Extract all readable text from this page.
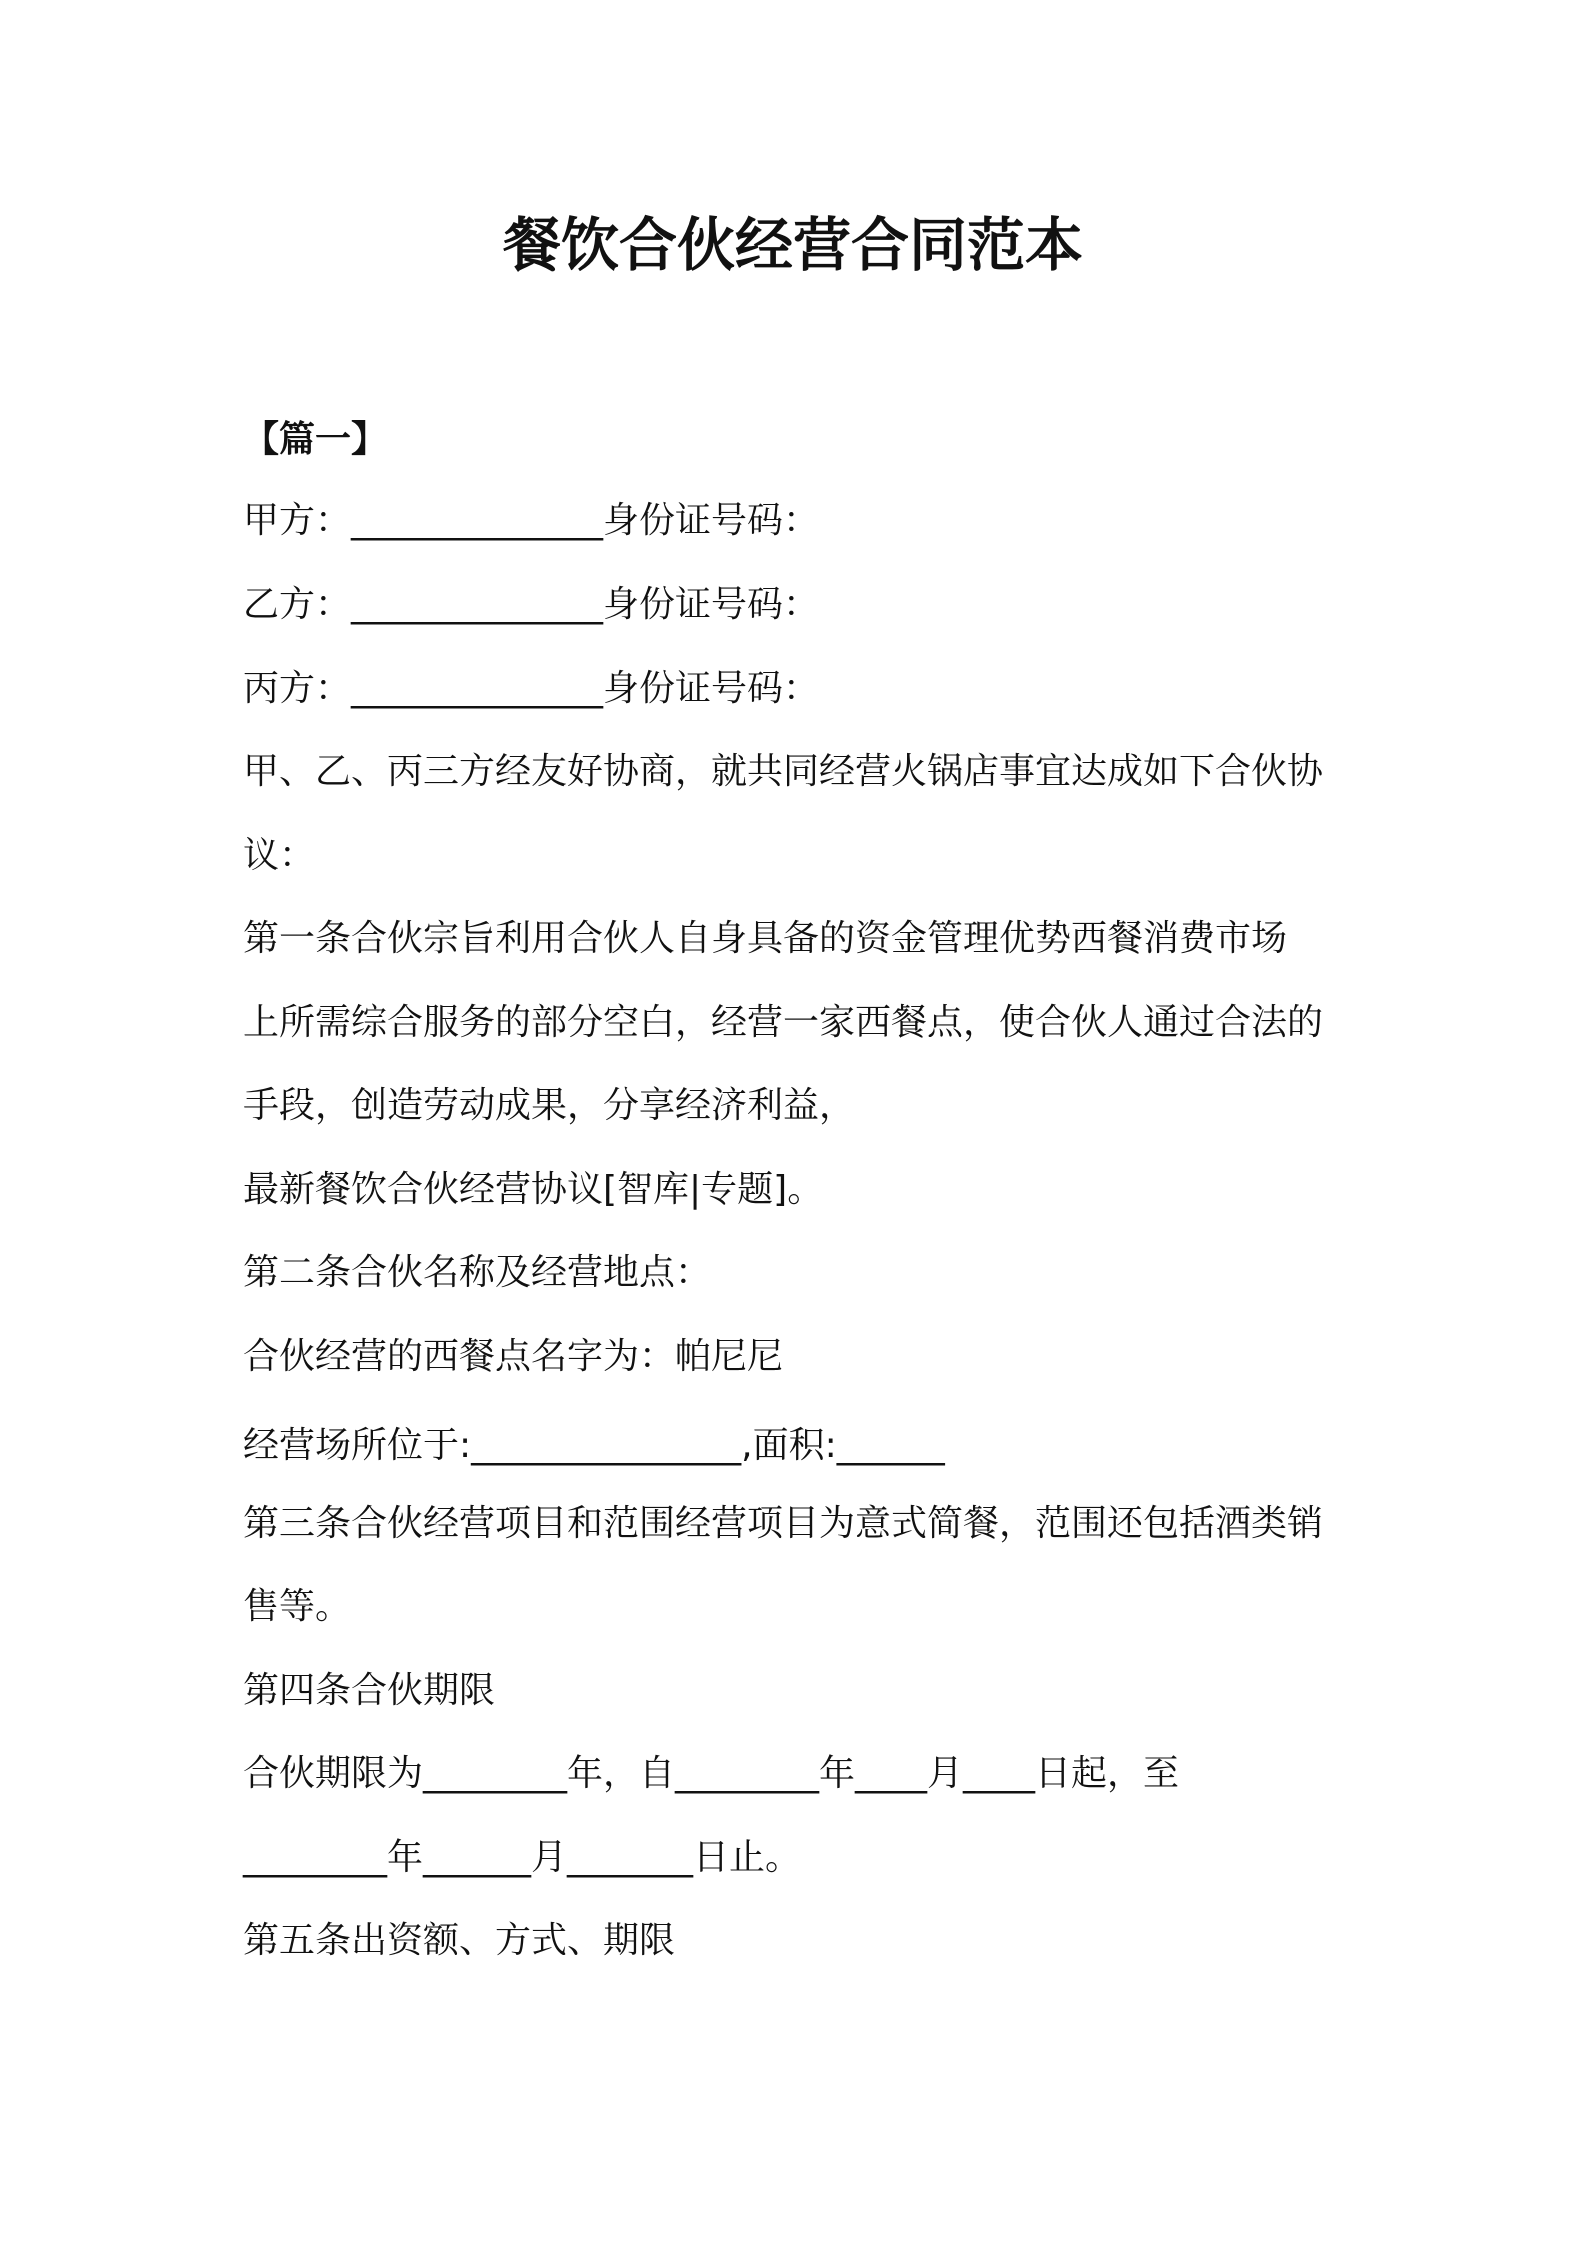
餐饮合伙经营合同范本
【篇一】
甲方：______________身份证号码：
乙方：______________身份证号码：
丙方：______________身份证号码：
甲、乙、丙三方经友好协商，就共同经营火锅店事宜达成如下合伙协
议：
第一条合伙宗旨利用合伙人自身具备的资金管理优势西餐消费市场
上所需综合服务的部分空白，经营一家西餐点，使合伙人通过合法的
手段，创造劳动成果，分享经济利益，
最新餐饮合伙经营协议[智库|专题]。
第二条合伙名称及经营地点：
合伙经营的西餐点名字为：帕尼尼
经营场所位于:_______________,面积:______
第三条合伙经营项目和范围经营项目为意式简餐，范围还包括酒类销
售等。
第四条合伙期限
合伙期限为________年，自________年____月____日起，至
________年______月_______日止。
第五条出资额、方式、期限
